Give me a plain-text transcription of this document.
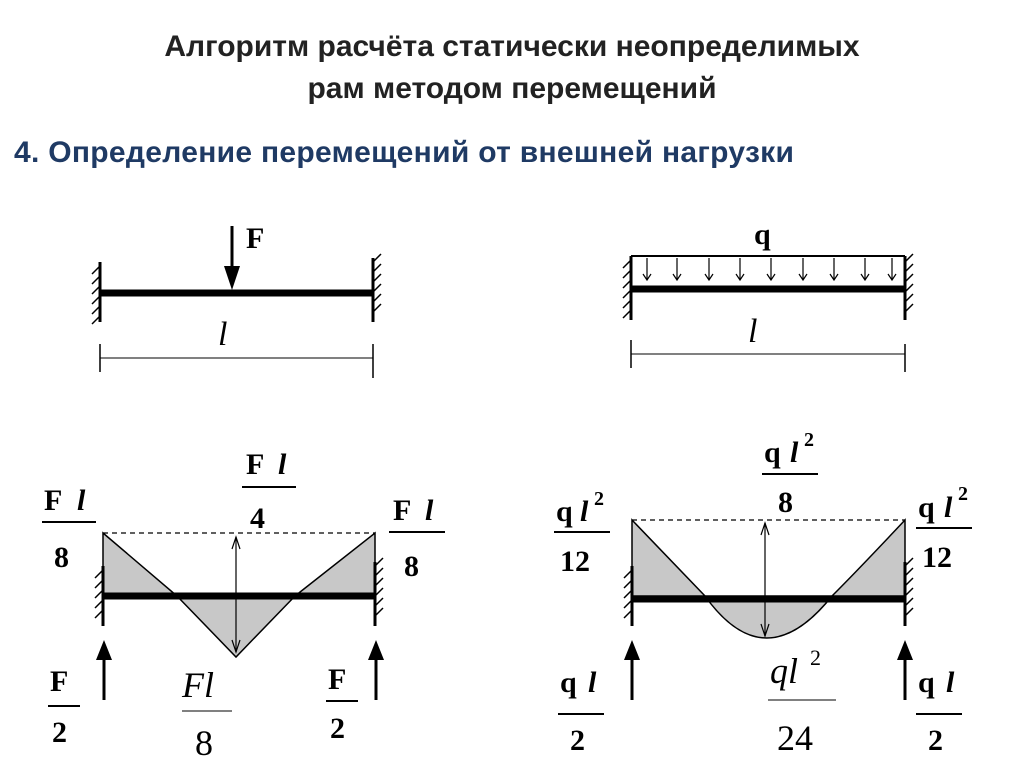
Алгоритм расчёта статически неопределимых
рам методом перемещений
4. Определение перемещений от внешней нагрузки
F
l
q
l
F l
8
F l
4	F l
8
Fl
8
F
2
F
2
q l 2
12
q l 2
8	q l 2
12
ql 2
24
q l
2
q l
2
